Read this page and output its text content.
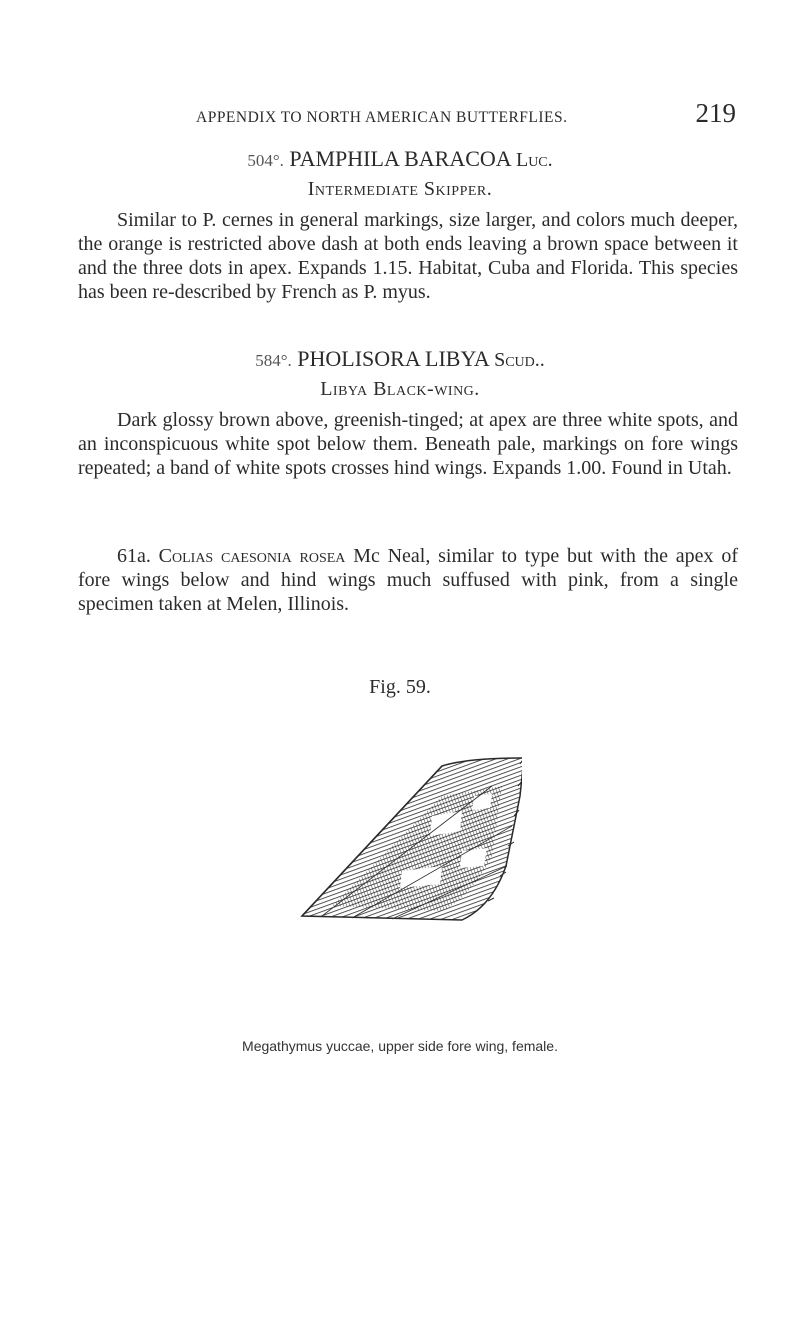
APPENDIX TO NORTH AMERICAN BUTTERFLIES.	219
504°. PAMPHILA BARACOA Luc.
Intermediate Skipper.

Similar to P. cernes in general markings, size larger, and colors much deeper, the orange is restricted above dash at both ends leaving a brown space between it and the three dots in apex. Expands 1.15. Habitat, Cuba and Florida. This species has been re-described by French as P. myus.

584°. PHOLISORA LIBYA Scud..
Libya Black-wing.

Dark glossy brown above, greenish-tinged; at apex are three white spots, and an inconspicuous white spot below them. Beneath pale, markings on fore wings repeated; a band of white spots crosses hind wings. Expands 1.00. Found in Utah.

61a. Colias caesonia rosea Mc Neal, similar to type but with the apex of fore wings below and hind wings much suffused with pink, from a single specimen taken at Melen, Illinois.

Fig. 59.
Megathymus yuccae, upper side fore wing, female.
